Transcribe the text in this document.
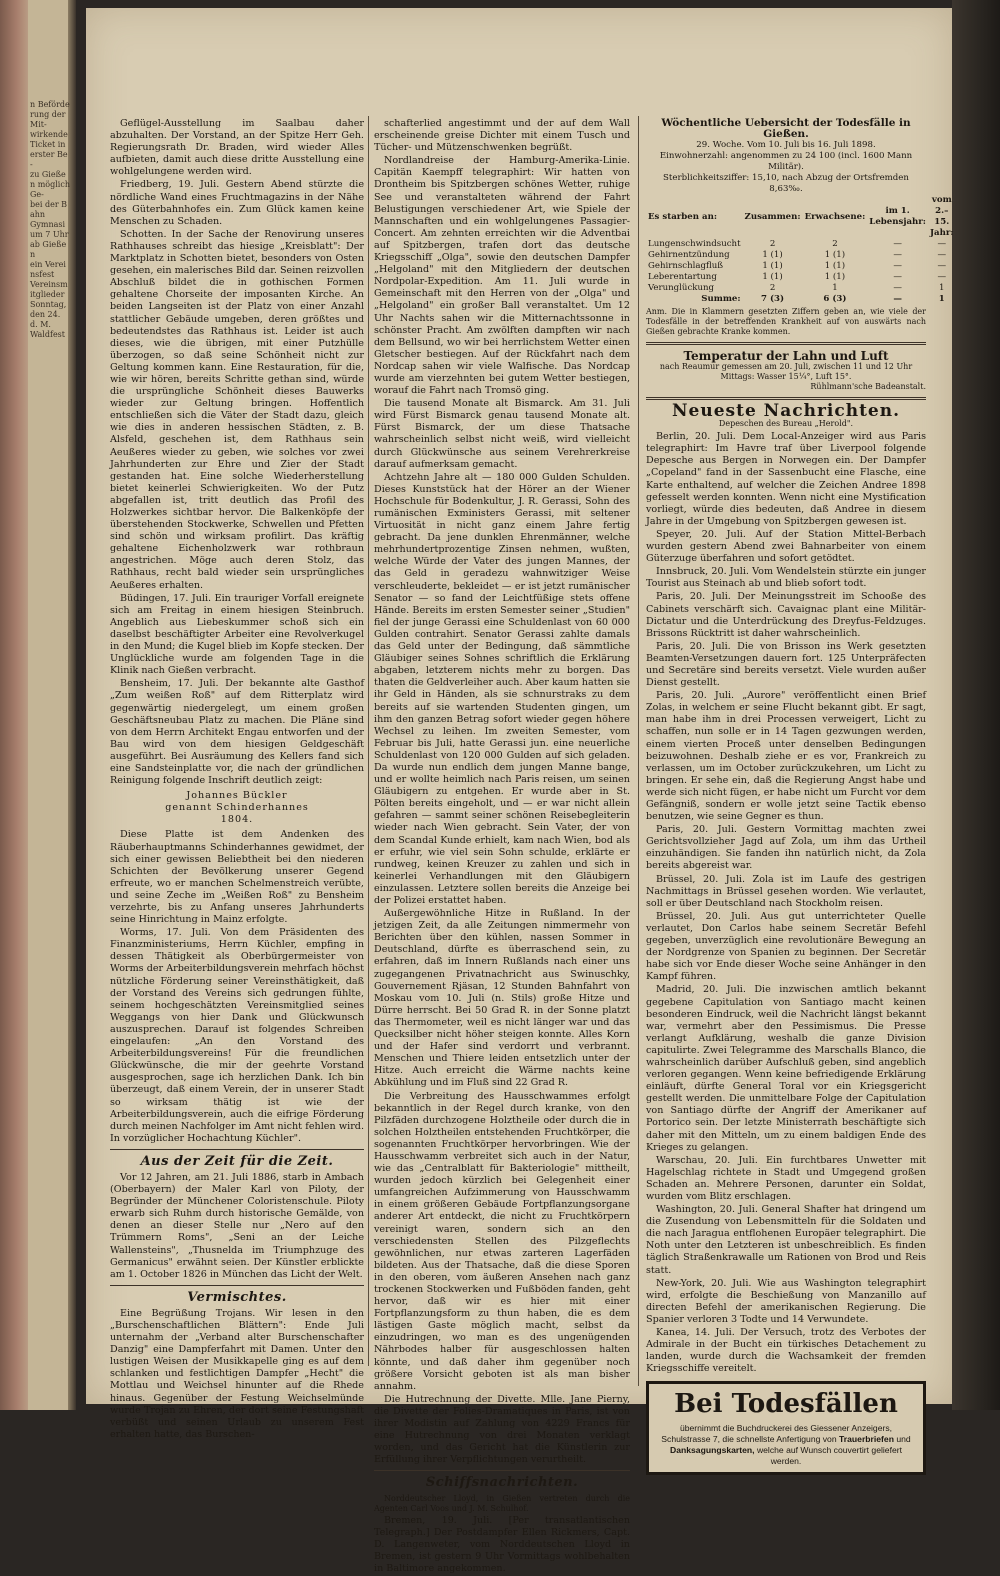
n Beförderung der Mit-
wirkende Ticket in erster Be-
zu Gießen möglich Ge-
bei der Bahn
Gymnasium 7 Uhr
ab Gießen
ein Vereinsfest
Vereinsmitglieder
Sonntag, den 24. d. M.
Waldfest

Geflügel-Ausstellung im Saalbau daher abzuhalten. Der Vorstand, an der Spitze Herr Geh. Regierungsrath Dr. Braden, wird wieder Alles aufbieten, damit auch diese dritte Ausstellung eine wohlgelungene werden wird.

Friedberg, 19. Juli. Gestern Abend stürzte die nördliche Wand eines Fruchtmagazins in der Nähe des Güterbahnhofes ein. Zum Glück kamen keine Menschen zu Schaden.

Schotten. In der Sache der Renovirung unseres Rathhauses schreibt das hiesige „Kreisblatt": Der Marktplatz in Schotten bietet, besonders von Osten gesehen, ein malerisches Bild dar. Seinen reizvollen Abschluß bildet die in gothischen Formen gehaltene Chorseite der imposanten Kirche. An beiden Langseiten ist der Platz von einer Anzahl stattlicher Gebäude umgeben, deren größtes und bedeutendstes das Rathhaus ist. Leider ist auch dieses, wie die übrigen, mit einer Putzhülle überzogen, so daß seine Schönheit nicht zur Geltung kommen kann. Eine Restauration, für die, wie wir hören, bereits Schritte gethan sind, würde die ursprüngliche Schönheit dieses Bauwerks wieder zur Geltung bringen. Hoffentlich entschließen sich die Väter der Stadt dazu, gleich wie dies in anderen hessischen Städten, z. B. Alsfeld, geschehen ist, dem Rathhaus sein Aeußeres wieder zu geben, wie solches vor zwei Jahrhunderten zur Ehre und Zier der Stadt gestanden hat. Eine solche Wiederherstellung bietet keinerlei Schwierigkeiten. Wo der Putz abgefallen ist, tritt deutlich das Profil des Holzwerkes sichtbar hervor. Die Balkenköpfe der überstehenden Stockwerke, Schwellen und Pfetten sind schön und wirksam profilirt. Das kräftig gehaltene Eichenholzwerk war rothbraun angestrichen. Möge auch deren Stolz, das Rathhaus, recht bald wieder sein ursprüngliches Aeußeres erhalten.

Büdingen, 17. Juli. Ein trauriger Vorfall ereignete sich am Freitag in einem hiesigen Steinbruch. Angeblich aus Liebeskummer schoß sich ein daselbst beschäftigter Arbeiter eine Revolverkugel in den Mund; die Kugel blieb im Kopfe stecken. Der Unglückliche wurde am folgenden Tage in die Klinik nach Gießen verbracht.

Bensheim, 17. Juli. Der bekannte alte Gasthof „Zum weißen Roß" auf dem Ritterplatz wird gegenwärtig niedergelegt, um einem großen Geschäftsneubau Platz zu machen. Die Pläne sind von dem Herrn Architekt Engau entworfen und der Bau wird von dem hiesigen Geldgeschäft ausgeführt. Bei Ausräumung des Kellers fand sich eine Sandsteinplatte vor, die nach der gründlichen Reinigung folgende Inschrift deutlich zeigt:

Johannes Bückler
genannt Schinderhannes
1804.

Diese Platte ist dem Andenken des Räuberhauptmanns Schinderhannes gewidmet, der sich einer gewissen Beliebtheit bei den niederen Schichten der Bevölkerung unserer Gegend erfreute, wo er manchen Schelmenstreich verübte, und seine Zeche im „Weißen Roß" zu Bensheim verzehrte, bis zu Anfang unseres Jahrhunderts seine Hinrichtung in Mainz erfolgte.

Worms, 17. Juli. Von dem Präsidenten des Finanzministeriums, Herrn Küchler, empfing in dessen Thätigkeit als Oberbürgermeister von Worms der Arbeiterbildungsverein mehrfach höchst nützliche Förderung seiner Vereinsthätigkeit, daß der Vorstand des Vereins sich gedrungen fühlte, seinem hochgeschätzten Vereinsmitglied seines Weggangs von hier Dank und Glückwunsch auszusprechen. Darauf ist folgendes Schreiben eingelaufen: „An den Vorstand des Arbeiterbildungsvereins! Für die freundlichen Glückwünsche, die mir der geehrte Vorstand ausgesprochen, sage ich herzlichen Dank. Ich bin überzeugt, daß einem Verein, der in unserer Stadt so wirksam thätig ist wie der Arbeiterbildungsverein, auch die eifrige Förderung durch meinen Nachfolger im Amt nicht fehlen wird. In vorzüglicher Hochachtung Küchler".

Aus der Zeit für die Zeit.

Vor 12 Jahren, am 21. Juli 1886, starb in Ambach (Oberbayern) der Maler Karl von Piloty, der Begründer der Münchener Coloristenschule. Piloty erwarb sich Ruhm durch historische Gemälde, von denen an dieser Stelle nur „Nero auf den Trümmern Roms", „Seni an der Leiche Wallensteins", „Thusnelda im Triumphzuge des Germanicus" erwähnt seien. Der Künstler erblickte am 1. October 1826 in München das Licht der Welt.

Vermischtes.

Eine Begrüßung Trojans. Wir lesen in den „Burschenschaftlichen Blättern": Ende Juli unternahm der „Verband alter Burschenschafter Danzig" eine Dampferfahrt mit Damen. Unter den lustigen Weisen der Musikkapelle ging es auf dem schlanken und festlichtigen Dampfer „Hecht" die Mottlau und Weichsel hinunter auf die Rhede hinaus. Gegenüber der Festung Weichselmünde wurde Trojan zu Ehren, der dort seine Festungshaft verbüßt und seinen Urlaub zu unserem Fest erhalten hatte, das Burschen-

schafterlied angestimmt und der auf dem Wall erscheinende greise Dichter mit einem Tusch und Tücher- und Mützenschwenken begrüßt.

Nordlandreise der Hamburg-Amerika-Linie. Capitän Kaempff telegraphirt: Wir hatten von Drontheim bis Spitzbergen schönes Wetter, ruhige See und veranstalteten während der Fahrt Belustigungen verschiedener Art, wie Spiele der Mannschaften und ein wohlgelungenes Passagier-Concert. Am zehnten erreichten wir die Adventbai auf Spitzbergen, trafen dort das deutsche Kriegsschiff „Olga", sowie den deutschen Dampfer „Helgoland" mit den Mitgliedern der deutschen Nordpolar-Expedition. Am 11. Juli wurde in Gemeinschaft mit den Herren von der „Olga" und „Helgoland" ein großer Ball veranstaltet. Um 12 Uhr Nachts sahen wir die Mitternachtssonne in schönster Pracht. Am zwölften dampften wir nach dem Bellsund, wo wir bei herrlichstem Wetter einen Gletscher bestiegen. Auf der Rückfahrt nach dem Nordcap sahen wir viele Walfische. Das Nordcap wurde am vierzehnten bei gutem Wetter bestiegen, worauf die Fahrt nach Tromsö ging.

Die tausend Monate alt Bismarck. Am 31. Juli wird Fürst Bismarck genau tausend Monate alt. Fürst Bismarck, der um diese Thatsache wahrscheinlich selbst nicht weiß, wird vielleicht durch Glückwünsche aus seinem Verehrerkreise darauf aufmerksam gemacht.

Achtzehn Jahre alt — 180 000 Gulden Schulden. Dieses Kunststück hat der Hörer an der Wiener Hochschule für Bodenkultur, J. R. Gerassi, Sohn des rumänischen Exministers Gerassi, mit seltener Virtuosität in nicht ganz einem Jahre fertig gebracht. Da jene dunklen Ehrenmänner, welche mehrhundertprozentige Zinsen nehmen, wußten, welche Würde der Vater des jungen Mannes, der das Geld in geradezu wahnwitziger Weise verschleuderte, bekleidet — er ist jetzt rumänischer Senator — so fand der Leichtfüßige stets offene Hände. Bereits im ersten Semester seiner „Studien" fiel der junge Gerassi eine Schuldenlast von 60 000 Gulden contrahirt. Senator Gerassi zahlte damals das Geld unter der Bedingung, daß sämmtliche Gläubiger seines Sohnes schriftlich die Erklärung abgaben, letzterem nichts mehr zu borgen. Das thaten die Geldverleiher auch. Aber kaum hatten sie ihr Geld in Händen, als sie schnurstraks zu dem bereits auf sie wartenden Studenten gingen, um ihm den ganzen Betrag sofort wieder gegen höhere Wechsel zu leihen. Im zweiten Semester, vom Februar bis Juli, hatte Gerassi jun. eine neuerliche Schuldenlast von 120 000 Gulden auf sich geladen. Da wurde nun endlich dem jungen Manne bange, und er wollte heimlich nach Paris reisen, um seinen Gläubigern zu entgehen. Er wurde aber in St. Pölten bereits eingeholt, und — er war nicht allein gefahren — sammt seiner schönen Reisebegleiterin wieder nach Wien gebracht. Sein Vater, der von dem Scandal Kunde erhielt, kam nach Wien, bod als er erfuhr, wie viel sein Sohn schulde, erklärte er rundweg, keinen Kreuzer zu zahlen und sich in keinerlei Verhandlungen mit den Gläubigern einzulassen. Letztere sollen bereits die Anzeige bei der Polizei erstattet haben.

Außergewöhnliche Hitze in Rußland. In der jetzigen Zeit, da alle Zeitungen nimmermehr von Berichten über den kühlen, nassen Sommer in Deutschland, dürfte es überraschend sein, zu erfahren, daß im Innern Rußlands nach einer uns zugegangenen Privatnachricht aus Swinuschky, Gouvernement Rjäsan, 12 Stunden Bahnfahrt von Moskau vom 10. Juli (n. Stils) große Hitze und Dürre herrscht. Bei 50 Grad R. in der Sonne platzt das Thermometer, weil es nicht länger war und das Quecksilber nicht höher steigen konnte. Alles Korn und der Hafer sind verdorrt und verbrannt. Menschen und Thiere leiden entsetzlich unter der Hitze. Auch erreicht die Wärme nachts keine Abkühlung und im Fluß sind 22 Grad R.

Die Verbreitung des Hausschwammes erfolgt bekanntlich in der Regel durch kranke, von den Pilzfäden durchzogene Holztheile oder durch die in solchen Holztheilen entstehenden Fruchtkörper, die sogenannten Fruchtkörper hervorbringen. Wie der Hausschwamm verbreitet sich auch in der Natur, wie das „Centralblatt für Bakteriologie" mittheilt, wurden jedoch kürzlich bei Gelegenheit einer umfangreichen Aufzimmerung von Hausschwamm in einem größeren Gebäude Fortpflanzungsorgane anderer Art entdeckt, die nicht zu Fruchtkörpern vereinigt waren, sondern sich an den verschiedensten Stellen des Pilzgeflechts gewöhnlichen, nur etwas zarteren Lagerfäden bildeten. Aus der Thatsache, daß die diese Sporen in den oberen, vom äußeren Ansehen nach ganz trockenen Stockwerken und Fußböden fanden, geht hervor, daß wir es hier mit einer Fortpflanzungsform zu thun haben, die es dem lästigen Gaste möglich macht, selbst da einzudringen, wo man es des ungenügenden Nährbodes halber für ausgeschlossen halten könnte, und daß daher ihm gegenüber noch größere Vorsicht geboten ist als man bisher annahm.

Die Hutrechnung der Divette. Mlle. Jane Pierny, die Divette der Folies-Dramatiques in Paris, ist von ihrer Modistin auf Zahlung von 4229 Francs für eine Hutrechnung von drei Monaten verklagt worden, und das Gericht hat die Künstlerin zur Erfüllung ihrer Verpflichtungen verurtheilt.

Schiffsnachrichten.

Norddeutscher Lloyd, in Gießen vertreten durch die Agenten Carl Voos und J. M. Schulhof.

Bremen, 19. Juli. [Per transatlantischen Telegraph.] Der Postdampfer Ellen Rickmers, Capt. D. Langenweter, vom Norddeutschen Lloyd in Bremen, ist gestern 9 Uhr Vormittags wohlbehalten in Baltimore angekommen.

Wöchentliche Uebersicht der Todesfälle in Gießen.
29. Woche. Vom 10. Juli bis 16. Juli 1898.
Einwohnerzahl: angenommen zu 24 100 (incl. 1600 Mann Militär).
Sterblichkeitsziffer: 15,10, nach Abzug der Ortsfremden 8,63‰.
Es starben an:	Zusammen:	Erwachsene:	im 1. Lebensjahr:	vom 2.–15. Jahr:
Lungenschwindsucht	2	2	—	—
Gehirnentzündung	1 (1)	1 (1)	—	—
Gehirnschlagfluß	1 (1)	1 (1)	—	—
Leberentartung	1 (1)	1 (1)	—	—
Verunglückung	2	1	—	1
Summe:	7 (3)	6 (3)	—	1
Anm. Die in Klammern gesetzten Ziffern geben an, wie viele der Todesfälle in der betreffenden Krankheit auf von auswärts nach Gießen gebrachte Kranke kommen.
Temperatur der Lahn und Luft
nach Reaumur gemessen am 20. Juli, zwischen 11 und 12 Uhr Mittags: Wasser 15¼°, Luft 15°.
Rühlmann'sche Badeanstalt.
Neueste Nachrichten.
Depeschen des Bureau „Herold".

Berlin, 20. Juli. Dem Local-Anzeiger wird aus Paris telegraphirt: Im Havre traf über Liverpool folgende Depesche aus Bergen in Norwegen ein. Der Dampfer „Copeland" fand in der Sassenbucht eine Flasche, eine Karte enthaltend, auf welcher die Zeichen Andree 1898 gefesselt werden konnten. Wenn nicht eine Mystification vorliegt, würde dies bedeuten, daß Andree in diesem Jahre in der Umgebung von Spitzbergen gewesen ist.

Speyer, 20. Juli. Auf der Station Mittel-Berbach wurden gestern Abend zwei Bahnarbeiter von einem Güterzuge überfahren und sofort getödtet.

Innsbruck, 20. Juli. Vom Wendelstein stürzte ein junger Tourist aus Steinach ab und blieb sofort todt.

Paris, 20. Juli. Der Meinungsstreit im Schooße des Cabinets verschärft sich. Cavaignac plant eine Militär-Dictatur und die Unterdrückung des Dreyfus-Feldzuges. Brissons Rücktritt ist daher wahrscheinlich.

Paris, 20. Juli. Die von Brisson ins Werk gesetzten Beamten-Versetzungen dauern fort. 125 Unterpräfecten und Secretäre sind bereits versetzt. Viele wurden außer Dienst gestellt.

Paris, 20. Juli. „Aurore" veröffentlicht einen Brief Zolas, in welchem er seine Flucht bekannt gibt. Er sagt, man habe ihm in drei Processen verweigert, Licht zu schaffen, nun solle er in 14 Tagen gezwungen werden, einem vierten Proceß unter denselben Bedingungen beizuwohnen. Deshalb ziehe er es vor, Frankreich zu verlassen, um im October zurückzukehren, um Licht zu bringen. Er sehe ein, daß die Regierung Angst habe und werde sich nicht fügen, er habe nicht um Furcht vor dem Gefängniß, sondern er wolle jetzt seine Tactik ebenso benutzen, wie seine Gegner es thun.

Paris, 20. Juli. Gestern Vormittag machten zwei Gerichtsvollzieher Jagd auf Zola, um ihm das Urtheil einzuhändigen. Sie fanden ihn natürlich nicht, da Zola bereits abgereist war.

Brüssel, 20. Juli. Zola ist im Laufe des gestrigen Nachmittags in Brüssel gesehen worden. Wie verlautet, soll er über Deutschland nach Stockholm reisen.

Brüssel, 20. Juli. Aus gut unterrichteter Quelle verlautet, Don Carlos habe seinem Secretär Befehl gegeben, unverzüglich eine revolutionäre Bewegung an der Nordgrenze von Spanien zu beginnen. Der Secretär habe sich vor Ende dieser Woche seine Anhänger in den Kampf führen.

Madrid, 20. Juli. Die inzwischen amtlich bekannt gegebene Capitulation von Santiago macht keinen besonderen Eindruck, weil die Nachricht längst bekannt war, vermehrt aber den Pessimismus. Die Presse verlangt Aufklärung, weshalb die ganze Division capitulirte. Zwei Telegramme des Marschalls Blanco, die wahrscheinlich darüber Aufschluß geben, sind angeblich verloren gegangen. Wenn keine befriedigende Erklärung einläuft, dürfte General Toral vor ein Kriegsgericht gestellt werden. Die unmittelbare Folge der Capitulation von Santiago dürfte der Angriff der Amerikaner auf Portorico sein. Der letzte Ministerrath beschäftigte sich daher mit den Mitteln, um zu einem baldigen Ende des Krieges zu gelangen.

Warschau, 20. Juli. Ein furchtbares Unwetter mit Hagelschlag richtete in Stadt und Umgegend großen Schaden an. Mehrere Personen, darunter ein Soldat, wurden vom Blitz erschlagen.

Washington, 20. Juli. General Shafter hat dringend um die Zusendung von Lebensmitteln für die Soldaten und die nach Jaragua entflohenen Europäer telegraphirt. Die Noth unter den Letzteren ist unbeschreiblich. Es finden täglich Straßenkrawalle um Rationen von Brod und Reis statt.

New-York, 20. Juli. Wie aus Washington telegraphirt wird, erfolgte die Beschießung von Manzanillo auf directen Befehl der amerikanischen Regierung. Die Spanier verloren 3 Todte und 14 Verwundete.

Kanea, 14. Juli. Der Versuch, trotz des Verbotes der Admirale in der Bucht ein türkisches Detachement zu landen, wurde durch die Wachsamkeit der fremden Kriegsschiffe vereitelt.

Bei Todesfällen
übernimmt die Buchdruckerei des Giessener Anzeigers, Schulstrasse 7, die schnellste Anfertigung von Trauerbriefen und Danksagungskarten, welche auf Wunsch couvertirt geliefert werden.
